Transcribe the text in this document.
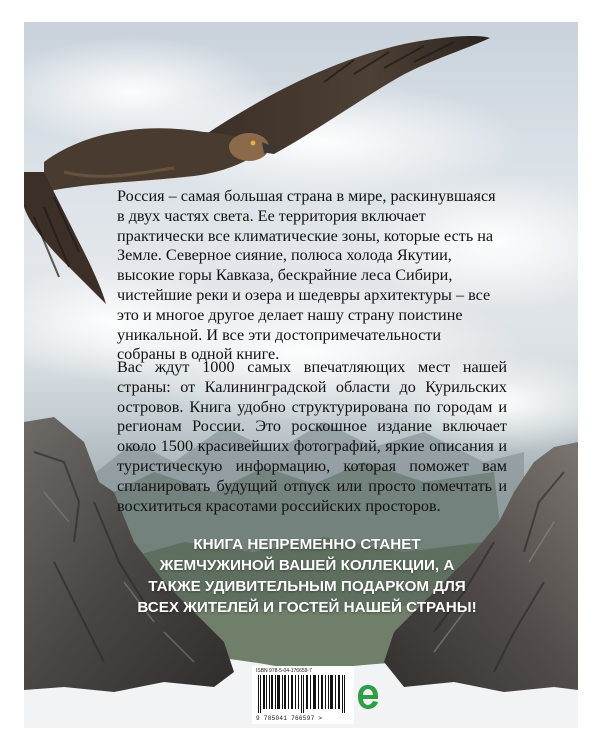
Россия – самая большая страна в мире, раскинувшаяся в двух частях света. Ее территория включает практически все климатические зоны, которые есть на Земле. Северное сияние, полюса холода Якутии, высокие горы Кавказа, бескрайние леса Сибири, чистейшие реки и озера и шедевры архитектуры – все это и многое другое делает нашу страну поистине уникальной. И все эти достопримечательности собраны в одной книге.

Вас ждут 1000 самых впечатляющих мест нашей страны: от Калининградской области до Курильских островов. Книга удобно структурирована по городам и регионам России. Это роскошное издание включает около 1500 красивейших фотографий, яркие описания и туристическую информацию, которая поможет вам спланировать будущий отпуск или просто помечтать и восхититься красотами российских просторов.

КНИГА НЕПРЕМЕННО СТАНЕТ ЖЕМЧУЖИНОЙ ВАШЕЙ КОЛЛЕКЦИИ, А ТАКЖЕ УДИВИТЕЛЬНЫМ ПОДАРКОМ ДЛЯ ВСЕХ ЖИТЕЛЕЙ И ГОСТЕЙ НАШЕЙ СТРАНЫ!

ISBN 978-5-04-176659-7
9 785041 766597 >
